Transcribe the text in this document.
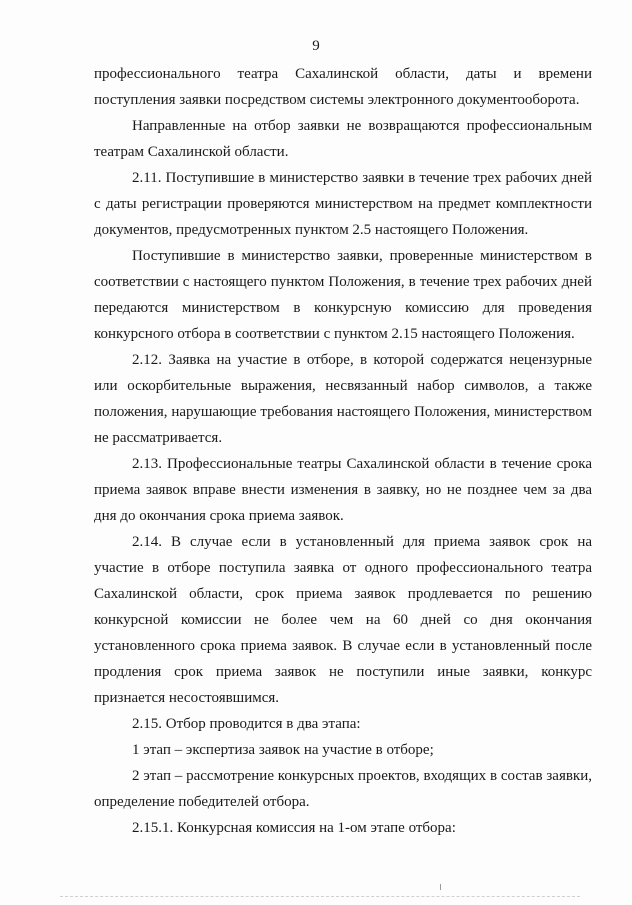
9

профессионального театра Сахалинской области, даты и времени поступления заявки посредством системы электронного документооборота.

Направленные на отбор заявки не возвращаются профессиональным театрам Сахалинской области.

2.11. Поступившие в министерство заявки в течение трех рабочих дней с даты регистрации проверяются министерством на предмет комплектности документов, предусмотренных пунктом 2.5 настоящего Положения.

Поступившие в министерство заявки, проверенные министерством в соответствии с настоящего пунктом Положения, в течение трех рабочих дней передаются министерством в конкурсную комиссию для проведения конкурсного отбора в соответствии с пунктом 2.15 настоящего Положения.

2.12. Заявка на участие в отборе, в которой содержатся нецензурные или оскорбительные выражения, несвязанный набор символов, а также положения, нарушающие требования настоящего Положения, министерством не рассматривается.

2.13. Профессиональные театры Сахалинской области в течение срока приема заявок вправе внести изменения в заявку, но не позднее чем за два дня до окончания срока приема заявок.

2.14. В случае если в установленный для приема заявок срок на участие в отборе поступила заявка от одного профессионального театра Сахалинской области, срок приема заявок продлевается по решению конкурсной комиссии не более чем на 60 дней со дня окончания установленного срока приема заявок. В случае если в установленный после продления срок приема заявок не поступили иные заявки, конкурс признается несостоявшимся.

2.15. Отбор проводится в два этапа:

1 этап – экспертиза заявок на участие в отборе;

2 этап – рассмотрение конкурсных проектов, входящих в состав заявки, определение победителей отбора.

2.15.1. Конкурсная комиссия на 1-ом этапе отбора:
